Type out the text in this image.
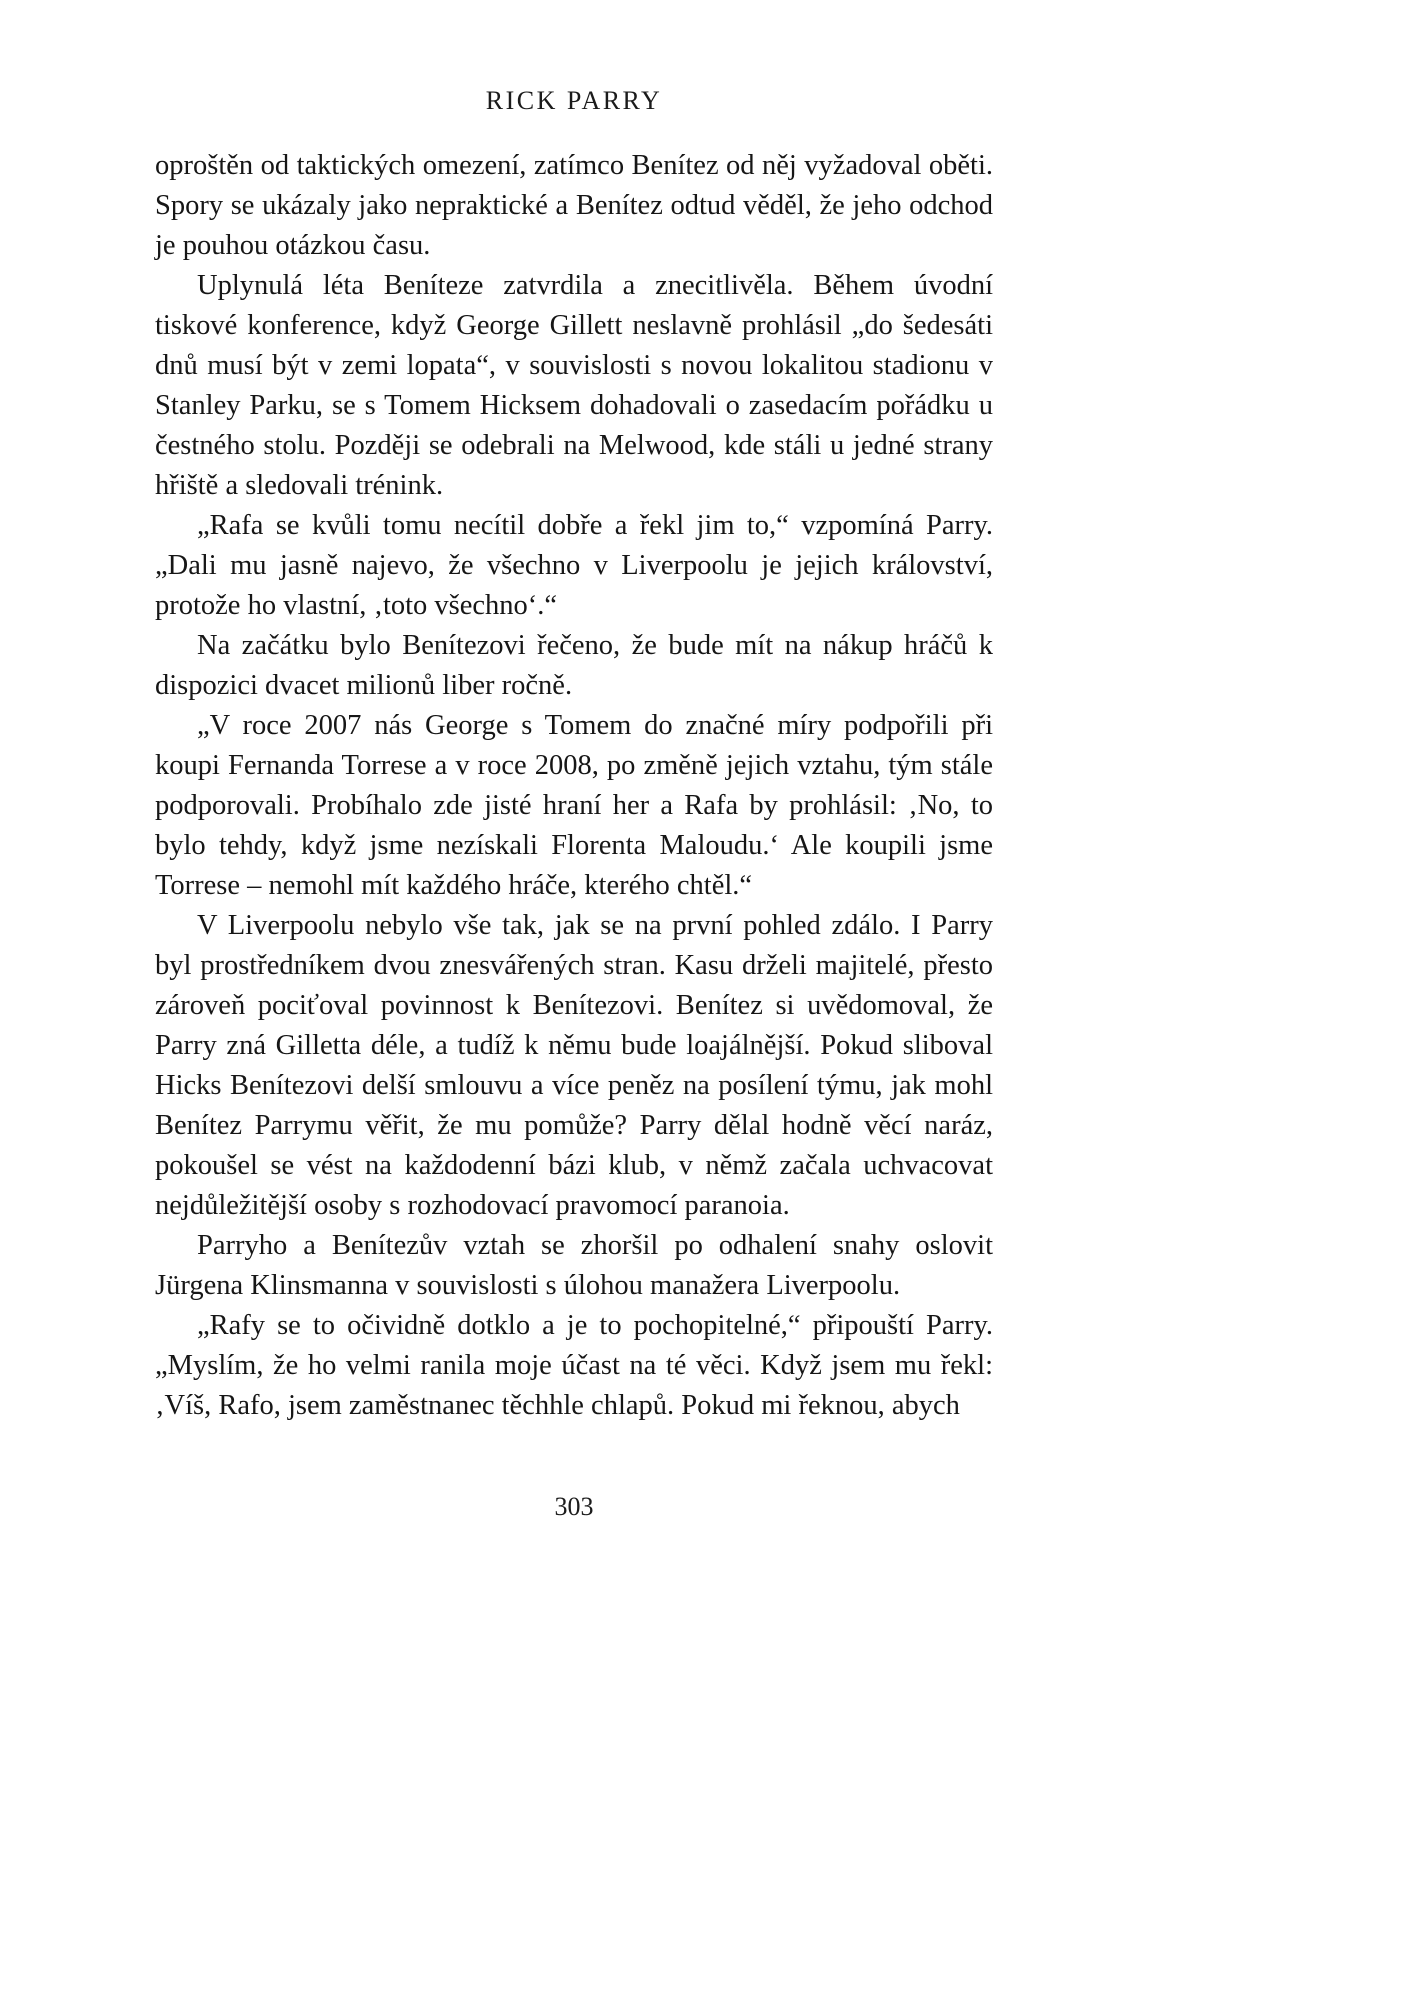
RICK PARRY

oproštěn od taktických omezení, zatímco Benítez od něj vyžadoval oběti. Spory se ukázaly jako nepraktické a Benítez odtud věděl, že jeho odchod je pouhou otázkou času.

Uplynulá léta Beníteze zatvrdila a znecitlivěla. Během úvodní tiskové konference, když George Gillett neslavně prohlásil „do šedesáti dnů musí být v zemi lopata“, v souvislosti s novou lokalitou stadionu v Stanley Parku, se s Tomem Hicksem dohadovali o zasedacím pořádku u čestného stolu. Později se odebrali na Melwood, kde stáli u jedné strany hřiště a sledovali trénink.

„Rafa se kvůli tomu necítil dobře a řekl jim to,“ vzpomíná Parry. „Dali mu jasně najevo, že všechno v Liverpoolu je jejich království, protože ho vlastní, ‚toto všechno‘.“

Na začátku bylo Benítezovi řečeno, že bude mít na nákup hráčů k dispozici dvacet milionů liber ročně.

„V roce 2007 nás George s Tomem do značné míry podpořili při koupi Fernanda Torrese a v roce 2008, po změně jejich vztahu, tým stále podporovali. Probíhalo zde jisté hraní her a Rafa by prohlásil: ‚No, to bylo tehdy, když jsme nezískali Florenta Maloudu.‘ Ale koupili jsme Torrese – nemohl mít každého hráče, kterého chtěl.“

V Liverpoolu nebylo vše tak, jak se na první pohled zdálo. I Parry byl prostředníkem dvou znesvářených stran. Kasu drželi majitelé, přesto zároveň pociťoval povinnost k Benítezovi. Benítez si uvědomoval, že Parry zná Gilletta déle, a tudíž k němu bude loajálnější. Pokud sliboval Hicks Benítezovi delší smlouvu a více peněz na posílení týmu, jak mohl Benítez Parrymu věřit, že mu pomůže? Parry dělal hodně věcí naráz, pokoušel se vést na každodenní bázi klub, v němž začala uchvacovat nejdůležitější osoby s rozhodovací pravomocí paranoia.

Parryho a Benítezův vztah se zhoršil po odhalení snahy oslovit Jürgena Klinsmanna v souvislosti s úlohou manažera Liverpoolu.

„Rafy se to očividně dotklo a je to pochopitelné,“ připouští Parry. „Myslím, že ho velmi ranila moje účast na té věci. Když jsem mu řekl: ‚Víš, Rafo, jsem zaměstnanec těchhle chlapů. Pokud mi řeknou, abych

303
